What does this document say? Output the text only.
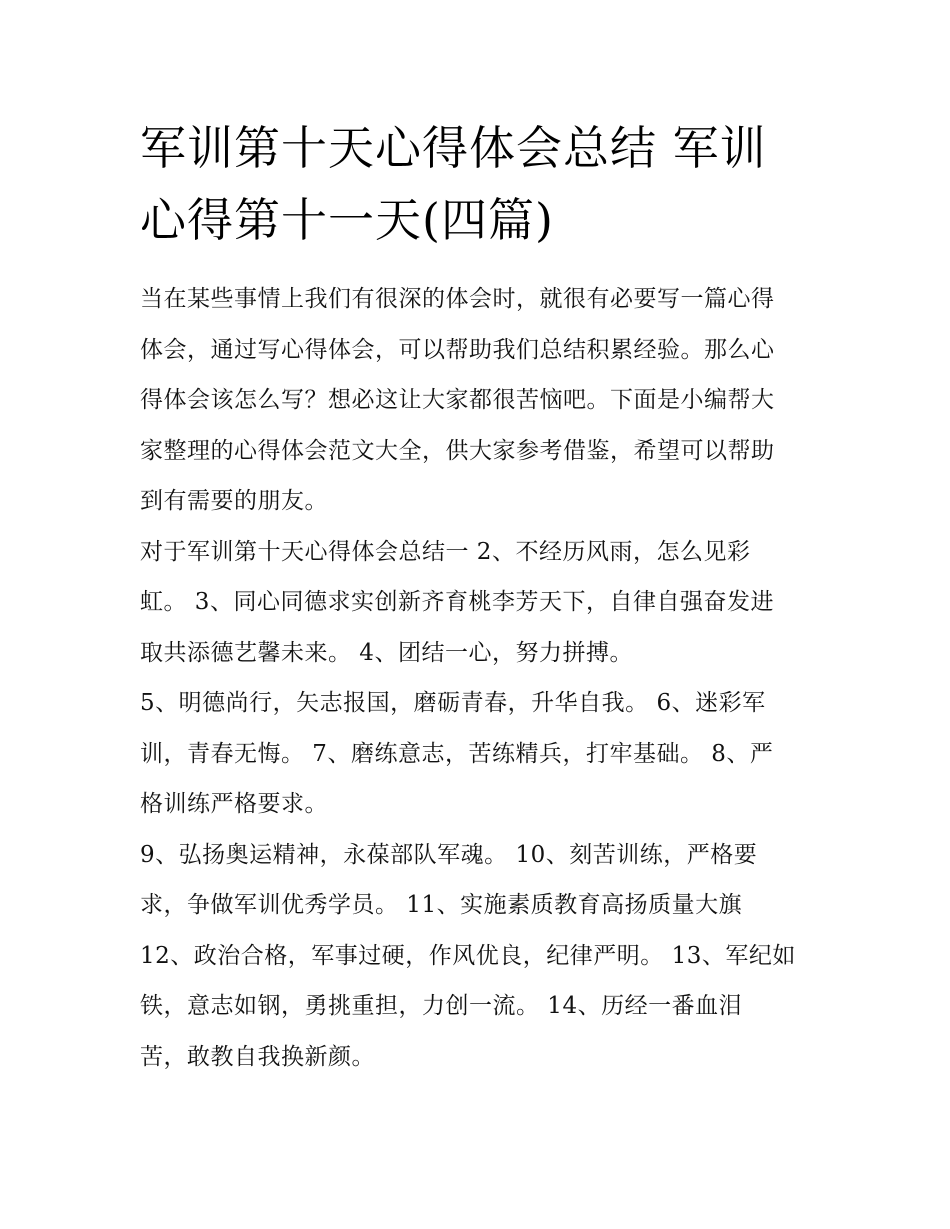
军训第十天心得体会总结 军训
心得第十一天(四篇)

当在某些事情上我们有很深的体会时，就很有必要写一篇心得
体会，通过写心得体会，可以帮助我们总结积累经验。那么心
得体会该怎么写？想必这让大家都很苦恼吧。下面是小编帮大
家整理的心得体会范文大全，供大家参考借鉴，希望可以帮助
到有需要的朋友。

对于军训第十天心得体会总结一 2、不经历风雨，怎么见彩
虹。 3、同心同德求实创新齐育桃李芳天下，自律自强奋发进
取共添德艺馨未来。 4、团结一心，努力拼搏。

5、明德尚行，矢志报国，磨砺青春，升华自我。 6、迷彩军
训，青春无悔。 7、磨练意志，苦练精兵，打牢基础。 8、严
格训练严格要求。

9、弘扬奥运精神，永葆部队军魂。 10、刻苦训练，严格要
求，争做军训优秀学员。 11、实施素质教育高扬质量大旗
12、政治合格，军事过硬，作风优良，纪律严明。 13、军纪如
铁，意志如钢，勇挑重担，力创一流。 14、历经一番血泪
苦，敢教自我换新颜。
